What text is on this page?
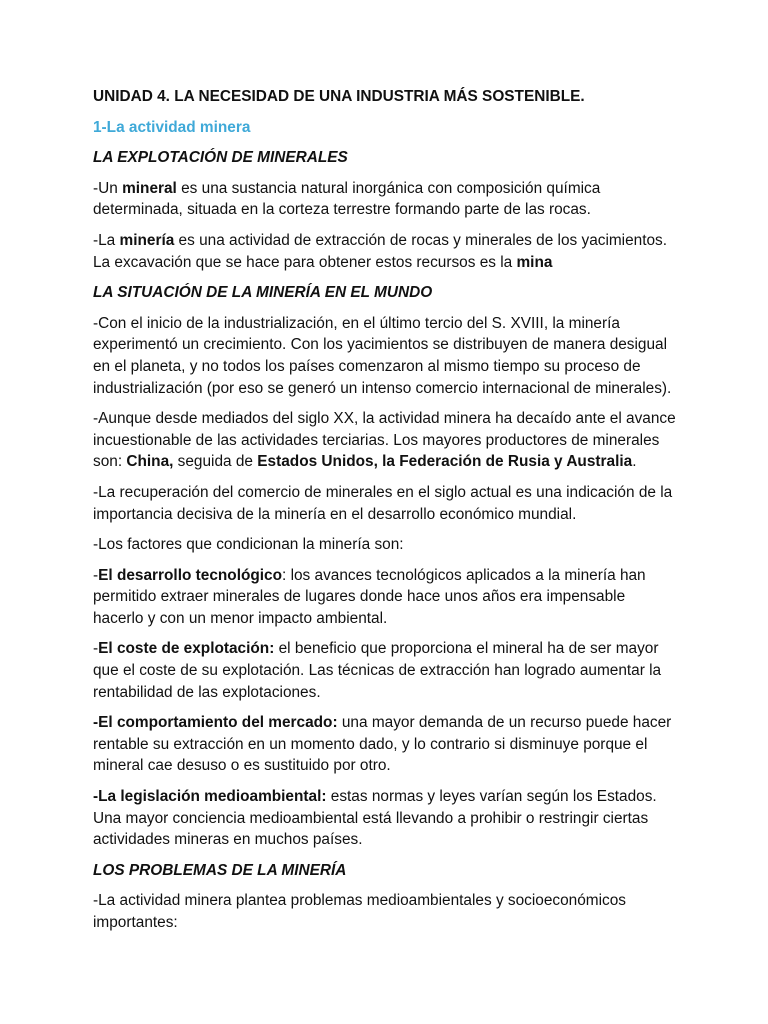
UNIDAD 4. LA NECESIDAD DE UNA INDUSTRIA MÁS SOSTENIBLE.
1-La actividad minera
LA EXPLOTACIÓN DE MINERALES

-Un mineral es una sustancia natural inorgánica con composición química determinada, situada en la corteza terrestre formando parte de las rocas.

-La minería es una actividad de extracción de rocas y minerales de los yacimientos. La excavación que se hace para obtener estos recursos es la mina

LA SITUACIÓN DE LA MINERÍA EN EL MUNDO

-Con el inicio de la industrialización, en el último tercio del S. XVIII, la minería experimentó un crecimiento. Con los yacimientos se distribuyen de manera desigual en el planeta, y no todos los países comenzaron al mismo tiempo su proceso de industrialización (por eso se generó un intenso comercio internacional de minerales).

-Aunque desde mediados del siglo XX, la actividad minera ha decaído ante el avance incuestionable de las actividades terciarias. Los mayores productores de minerales son: China, seguida de Estados Unidos, la Federación de Rusia y Australia.

-La recuperación del comercio de minerales en el siglo actual es una indicación de la importancia decisiva de la minería en el desarrollo económico mundial.

-Los factores que condicionan la minería son:

-El desarrollo tecnológico: los avances tecnológicos aplicados a la minería han permitido extraer minerales de lugares donde hace unos años era impensable hacerlo y con un menor impacto ambiental.

-El coste de explotación: el beneficio que proporciona el mineral ha de ser mayor que el coste de su explotación. Las técnicas de extracción han logrado aumentar la rentabilidad de las explotaciones.

-El comportamiento del mercado: una mayor demanda de un recurso puede hacer rentable su extracción en un momento dado, y lo contrario si disminuye porque el mineral cae desuso o es sustituido por otro.

-La legislación medioambiental: estas normas y leyes varían según los Estados. Una mayor conciencia medioambiental está llevando a prohibir o restringir ciertas actividades mineras en muchos países.

LOS PROBLEMAS DE LA MINERÍA

-La actividad minera plantea problemas medioambientales y socioeconómicos importantes:
